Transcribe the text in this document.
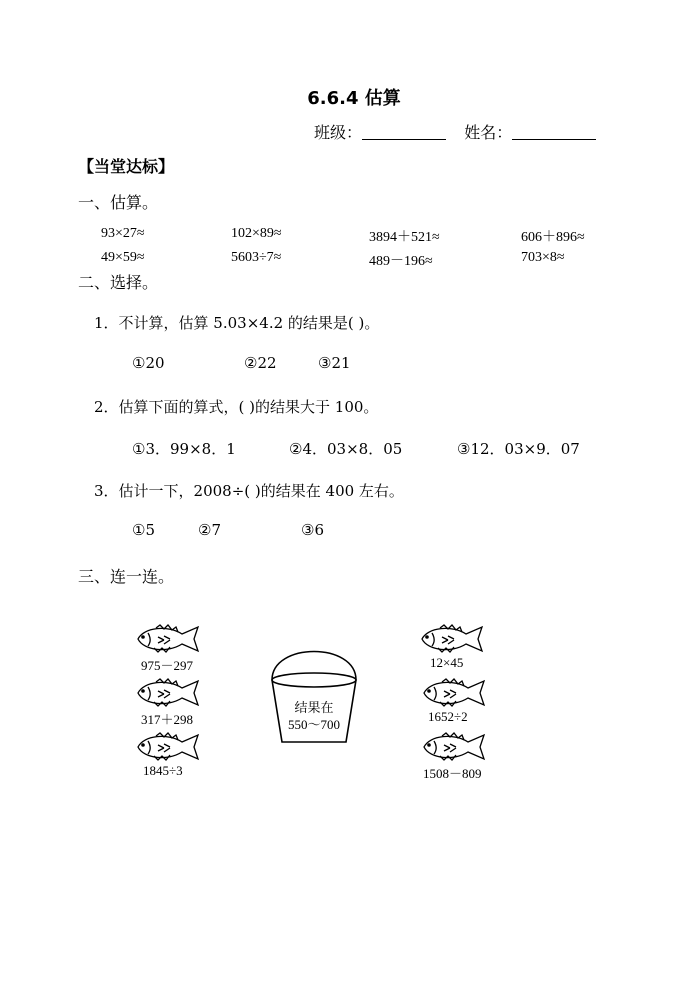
6.6.4 估算
班级：	姓名：
【当堂达标】
一、估算。
93×27≈	102×89≈	3894＋521≈	606＋896≈
49×59≈	5603÷7≈	489－196≈	703×8≈
二、选择。
1．不计算，估算 5.03×4.2 的结果是( )。
①20	②22	③21
2．估算下面的算式，( )的结果大于 100。
①3．99×8．1	②4．03×8．05	③12．03×9．07
3．估计一下，2008÷( )的结果在 400 左右。
①5	②7	③6
三、连一连。
975－297
317＋298
1845÷3
结果在
550～700
12×45
1652÷2
1508－809
